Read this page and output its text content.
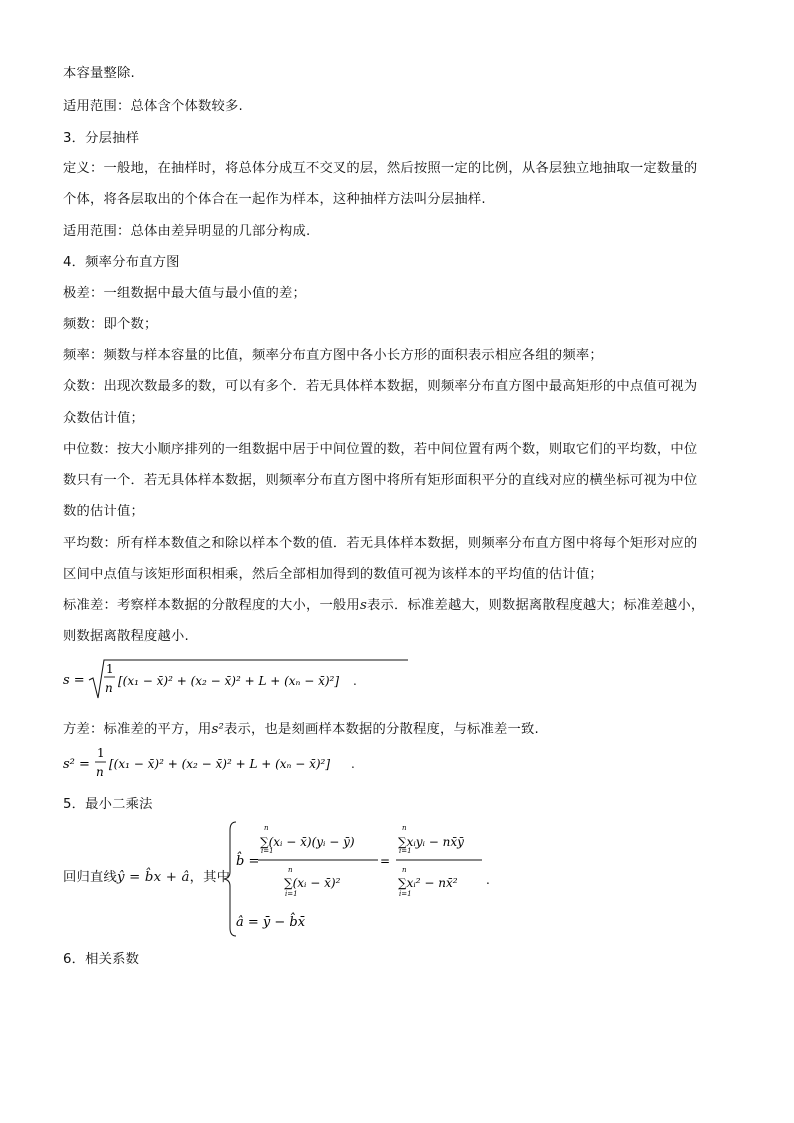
本容量整除.
适用范围：总体含个体数较多.
3．分层抽样
定义：一般地，在抽样时，将总体分成互不交叉的层，然后按照一定的比例，从各层独立地抽取一定数量的
个体，将各层取出的个体合在一起作为样本，这种抽样方法叫分层抽样.
适用范围：总体由差异明显的几部分构成.
4．频率分布直方图
极差：一组数据中最大值与最小值的差；
频数：即个数；
频率：频数与样本容量的比值，频率分布直方图中各小长方形的面积表示相应各组的频率；
众数：出现次数最多的数，可以有多个．若无具体样本数据，则频率分布直方图中最高矩形的中点值可视为
众数估计值；
中位数：按大小顺序排列的一组数据中居于中间位置的数，若中间位置有两个数，则取它们的平均数，中位
数只有一个．若无具体样本数据，则频率分布直方图中将所有矩形面积平分的直线对应的横坐标可视为中位
数的估计值；
平均数：所有样本数值之和除以样本个数的值．若无具体样本数据，则频率分布直方图中将每个矩形对应的
区间中点值与该矩形面积相乘，然后全部相加得到的数值可视为该样本的平均值的估计值；
标准差：考察样本数据的分散程度的大小，一般用s表示．标准差越大，则数据离散程度越大；标准差越小，
则数据离散程度越小.
s =
1
n [(x₁ − x̄)² + (x₂ − x̄)² + L + (xₙ − x̄)²] .
方差：标准差的平方，用s²表示，也是刻画样本数据的分散程度，与标准差一致.
s² =
1
n
[(x₁ − x̄)² + (x₂ − x̄)² + L + (xₙ − x̄)²] .
5．最小二乘法
回归直线ŷ = b̂x + â，其中
b̂ =
n
i=1
∑(xᵢ − x̄)(yᵢ − ȳ)
n
i=1
∑(xᵢ − x̄)²
=
n
i=1
∑xᵢyᵢ − nx̄ȳ
n
i=1
∑xᵢ² − nx̄² .
â = ȳ − b̂x̄
6．相关系数
